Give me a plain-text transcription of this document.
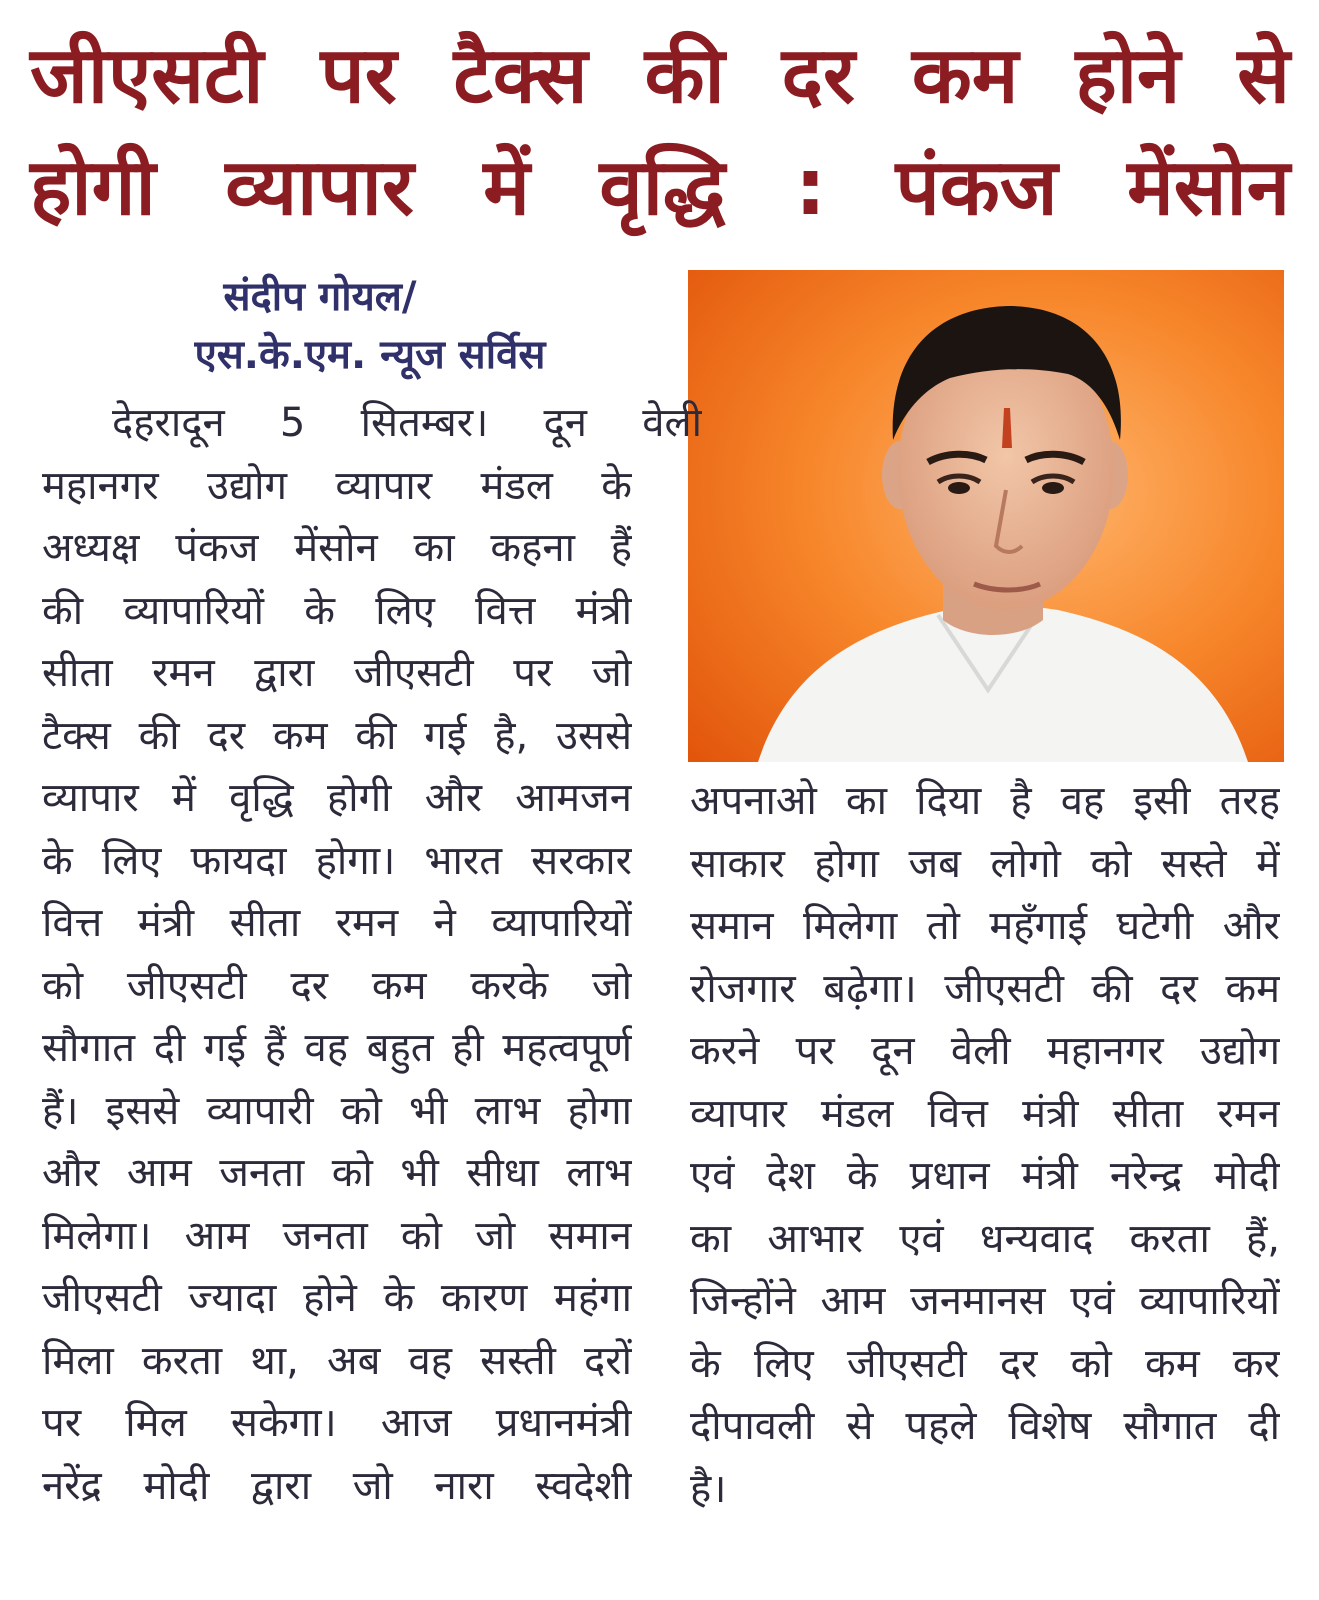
जीएसटी पर टैक्स की दर कम होने से
होगी व्यापार में वृद्धि : पंकज मेंसोन
संदीप गोयल/
एस.के.एम. न्यूज सर्विस
देहरादून 5 सितम्बर। दून वेली
महानगर उद्योग व्यापार मंडल के
अध्यक्ष पंकज मेंसोन का कहना हैं
की व्यापारियों के लिए वित्त मंत्री
सीता रमन द्वारा जीएसटी पर जो
टैक्स की दर कम की गई है, उससे
व्यापार में वृद्धि होगी और आमजन
के लिए फायदा होगा। भारत सरकार
वित्त मंत्री सीता रमन ने व्यापारियों
को जीएसटी दर कम करके जो
सौगात दी गई हैं वह बहुत ही महत्वपूर्ण
हैं। इससे व्यापारी को भी लाभ होगा
और आम जनता को भी सीधा लाभ
मिलेगा। आम जनता को जो समान
जीएसटी ज्यादा होने के कारण महंगा
मिला करता था, अब वह सस्ती दरों
पर मिल सकेगा। आज प्रधानमंत्री
नरेंद्र मोदी द्वारा जो नारा स्वदेशी
अपनाओ का दिया है वह इसी तरह
साकार होगा जब लोगो को सस्ते में
समान मिलेगा तो महँगाई घटेगी और
रोजगार बढ़ेगा। जीएसटी की दर कम
करने पर दून वेली महानगर उद्योग
व्यापार मंडल वित्त मंत्री सीता रमन
एवं देश के प्रधान मंत्री नरेन्द्र मोदी
का आभार एवं धन्यवाद करता हैं,
जिन्होंने आम जनमानस एवं व्यापारियों
के लिए जीएसटी दर को कम कर
दीपावली से पहले विशेष सौगात दी
है।
